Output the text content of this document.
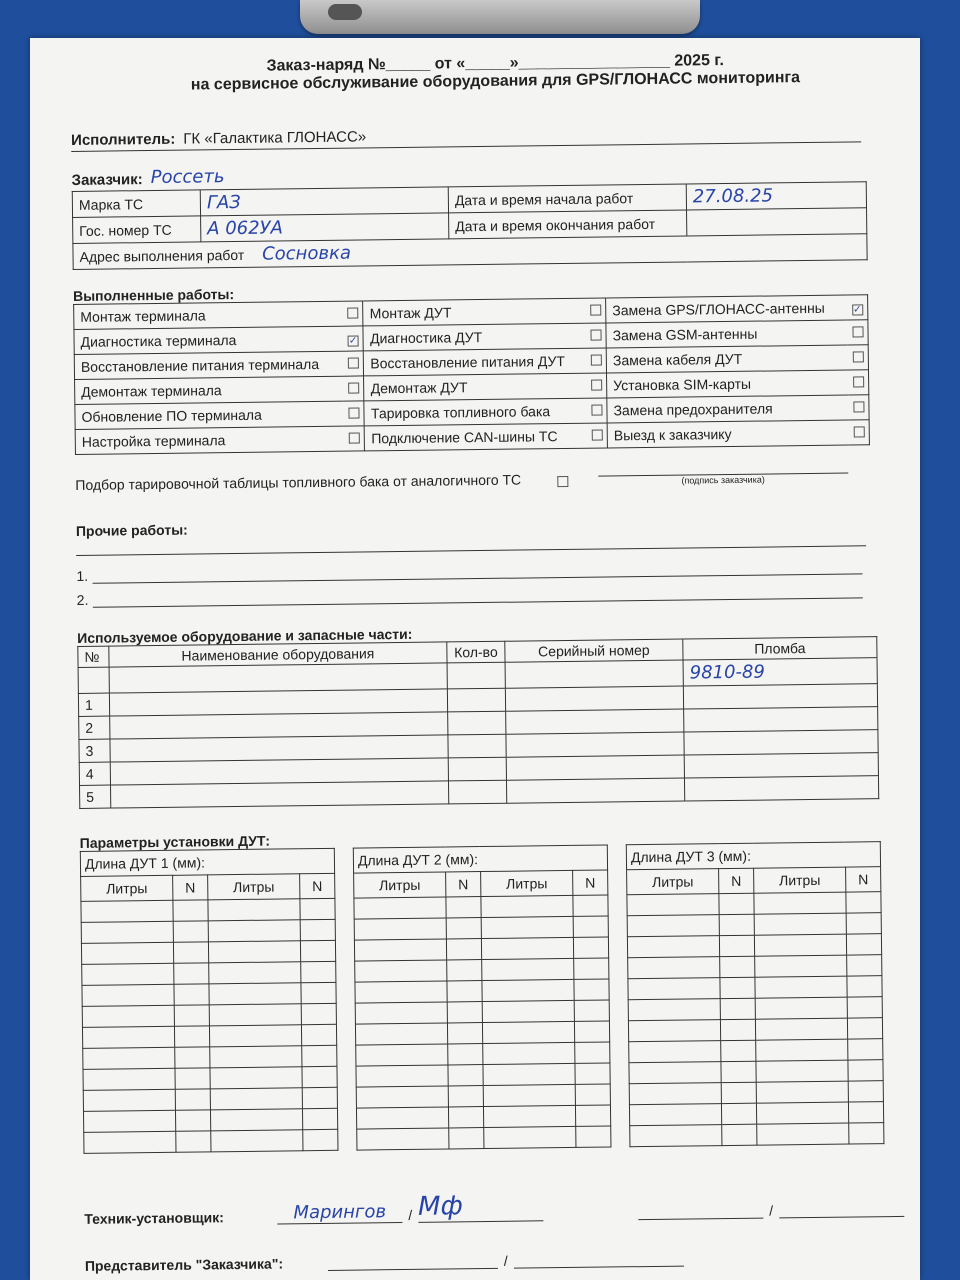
Заказ-наряд №_____ от «_____»_________________ 2025 г.
на сервисное обслуживание оборудования для GPS/ГЛОНАСС мониторинга
Исполнитель: ГК «Галактика ГЛОНАСС»
Заказчик: Россеть
Марка ТС	ГАЗ	Дата и время начала работ	27.08.25
Гос. номер ТС	А 062УА	Дата и время окончания работ	
Адрес выполнения работ Сосновка			
Выполненные работы:
Монтаж терминала		Монтаж ДУТ		Замена GPS/ГЛОНАСС-антенны	✓
Диагностика терминала	✓	Диагностика ДУТ		Замена GSM-антенны	
Восстановление питания терминала		Восстановление питания ДУТ		Замена кабеля ДУТ	
Демонтаж терминала		Демонтаж ДУТ		Установка SIM-карты	
Обновление ПО терминала		Тарировка топливного бака		Замена предохранителя	
Настройка терминала		Подключение CAN-шины ТС		Выезд к заказчику	
Подбор тарировочной таблицы топливного бака от аналогичного ТС	(подпись заказчика)
Прочие работы:
1.
2.
Используемое оборудование и запасные части:
№	Наименование оборудования	Кол-во	Серийный номер	Пломба
				9810-89
1				
2				
3				
4				
5				
Параметры установки ДУТ:
Длина ДУТ 1 (мм):			
Литры	N	Литры	N

Длина ДУТ 2 (мм):			
Литры	N	Литры	N

Длина ДУТ 3 (мм):			
Литры	N	Литры	N

Техник-установщик:	Марингов	/ Мф	/
Представитель "Заказчика":	/
